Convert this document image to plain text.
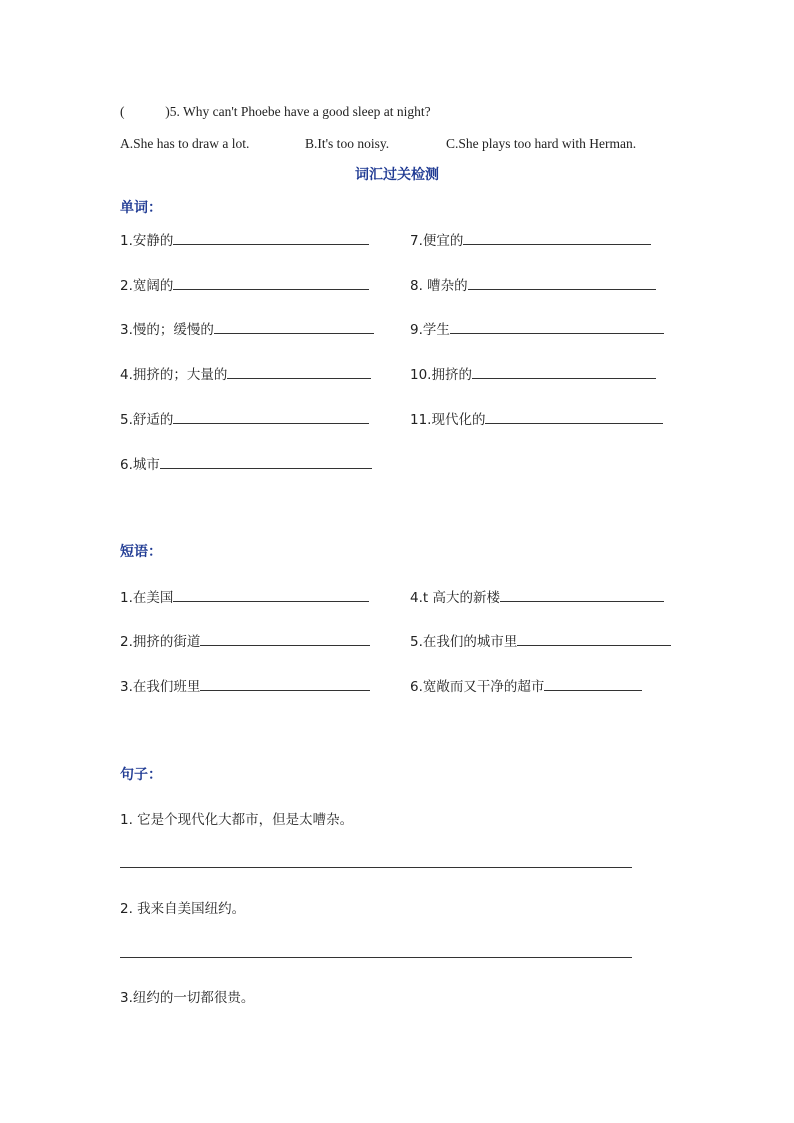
(	)5. Why can't Phoebe have a good sleep at night?
A.She has to draw a lot.	B.It's too noisy.	C.She plays too hard with Herman.
词汇过关检测
单词：
1.安静的
2.宽阔的
3.慢的；缓慢的
4.拥挤的；大量的
5.舒适的
6.城市
7.便宜的
8. 嘈杂的
9.学生
10.拥挤的
11.现代化的
短语：
1.在美国
2.拥挤的街道
3.在我们班里
4.t 高大的新楼
5.在我们的城市里
6.宽敞而又干净的超市
句子：
1. 它是个现代化大都市，但是太嘈杂。
2. 我来自美国纽约。
3.纽约的一切都很贵。
